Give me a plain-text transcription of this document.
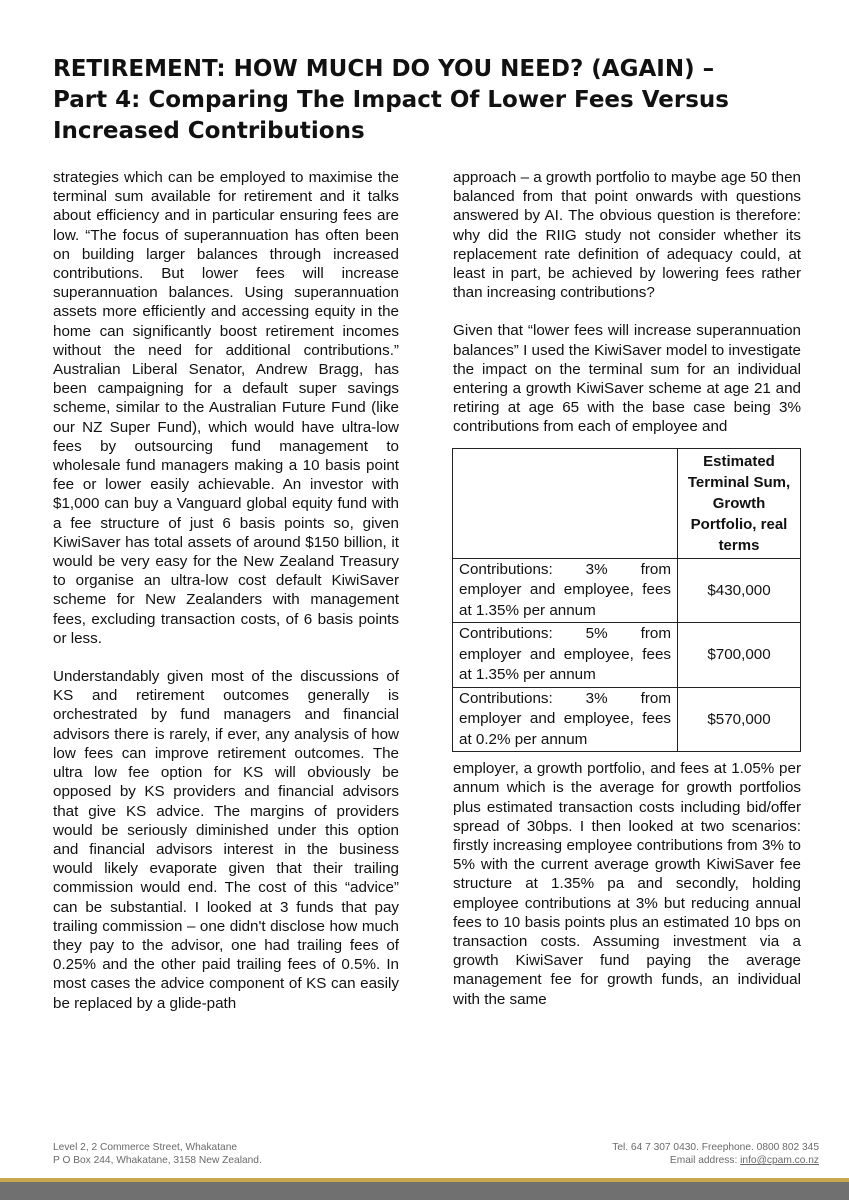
RETIREMENT: HOW MUCH DO YOU NEED? (AGAIN) –
Part 4: Comparing The Impact Of Lower Fees Versus
Increased Contributions

strategies which can be employed to maximise the terminal sum available for retirement and it talks about efficiency and in particular ensuring fees are low. “The focus of superannuation has often been on building larger balances through increased contributions. But lower fees will increase superannuation balances. Using superannuation assets more efficiently and accessing equity in the home can significantly boost retirement incomes without the need for additional contributions.” Australian Liberal Senator, Andrew Bragg, has been campaigning for a default super savings scheme, similar to the Australian Future Fund (like our NZ Super Fund), which would have ultra-low fees by outsourcing fund management to wholesale fund managers making a 10 basis point fee or lower easily achievable. An investor with $1,000 can buy a Vanguard global equity fund with a fee structure of just 6 basis points so, given KiwiSaver has total assets of around $150 billion, it would be very easy for the New Zealand Treasury to organise an ultra-low cost default KiwiSaver scheme for New Zealanders with management fees, excluding transaction costs, of 6 basis points or less.

Understandably given most of the discussions of KS and retirement outcomes generally is orchestrated by fund managers and financial advisors there is rarely, if ever, any analysis of how low fees can improve retirement outcomes. The ultra low fee option for KS will obviously be opposed by KS providers and financial advisors that give KS advice. The margins of providers would be seriously diminished under this option and financial advisors interest in the business would likely evaporate given that their trailing commission would end. The cost of this “advice” can be substantial. I looked at 3 funds that pay trailing commission – one didn't disclose how much they pay to the advisor, one had trailing fees of 0.25% and the other paid trailing fees of 0.5%. In most cases the advice component of KS can easily be replaced by a glide-path

approach – a growth portfolio to maybe age 50 then balanced from that point onwards with questions answered by AI. The obvious question is therefore: why did the RIIG study not consider whether its replacement rate definition of adequacy could, at least in part, be achieved by lowering fees rather than increasing contributions?

Given that “lower fees will increase superannuation balances” I used the KiwiSaver model to investigate the impact on the terminal sum for an individual entering a growth KiwiSaver scheme at age 21 and retiring at age 65 with the base case being 3% contributions from each of employee and

	Estimated Terminal Sum, Growth Portfolio, real terms
Contributions: 3% from employer and employee, fees at 1.35% per annum	$430,000
Contributions: 5% from employer and employee, fees at 1.35% per annum	$700,000
Contributions: 3% from employer and employee, fees at 0.2% per annum	$570,000

employer, a growth portfolio, and fees at 1.05% per annum which is the average for growth portfolios plus estimated transaction costs including bid/offer spread of 30bps. I then looked at two scenarios: firstly increasing employee contributions from 3% to 5% with the current average growth KiwiSaver fee structure at 1.35% pa and secondly, holding employee contributions at 3% but reducing annual fees to 10 basis points plus an estimated 10 bps on transaction costs. Assuming investment via a growth KiwiSaver fund paying the average management fee for growth funds, an individual with the same

Level 2, 2 Commerce Street, Whakatane
P O Box 244, Whakatane, 3158 New Zealand.
Tel. 64 7 307 0430. Freephone. 0800 802 345
Email address: info@cpam.co.nz
